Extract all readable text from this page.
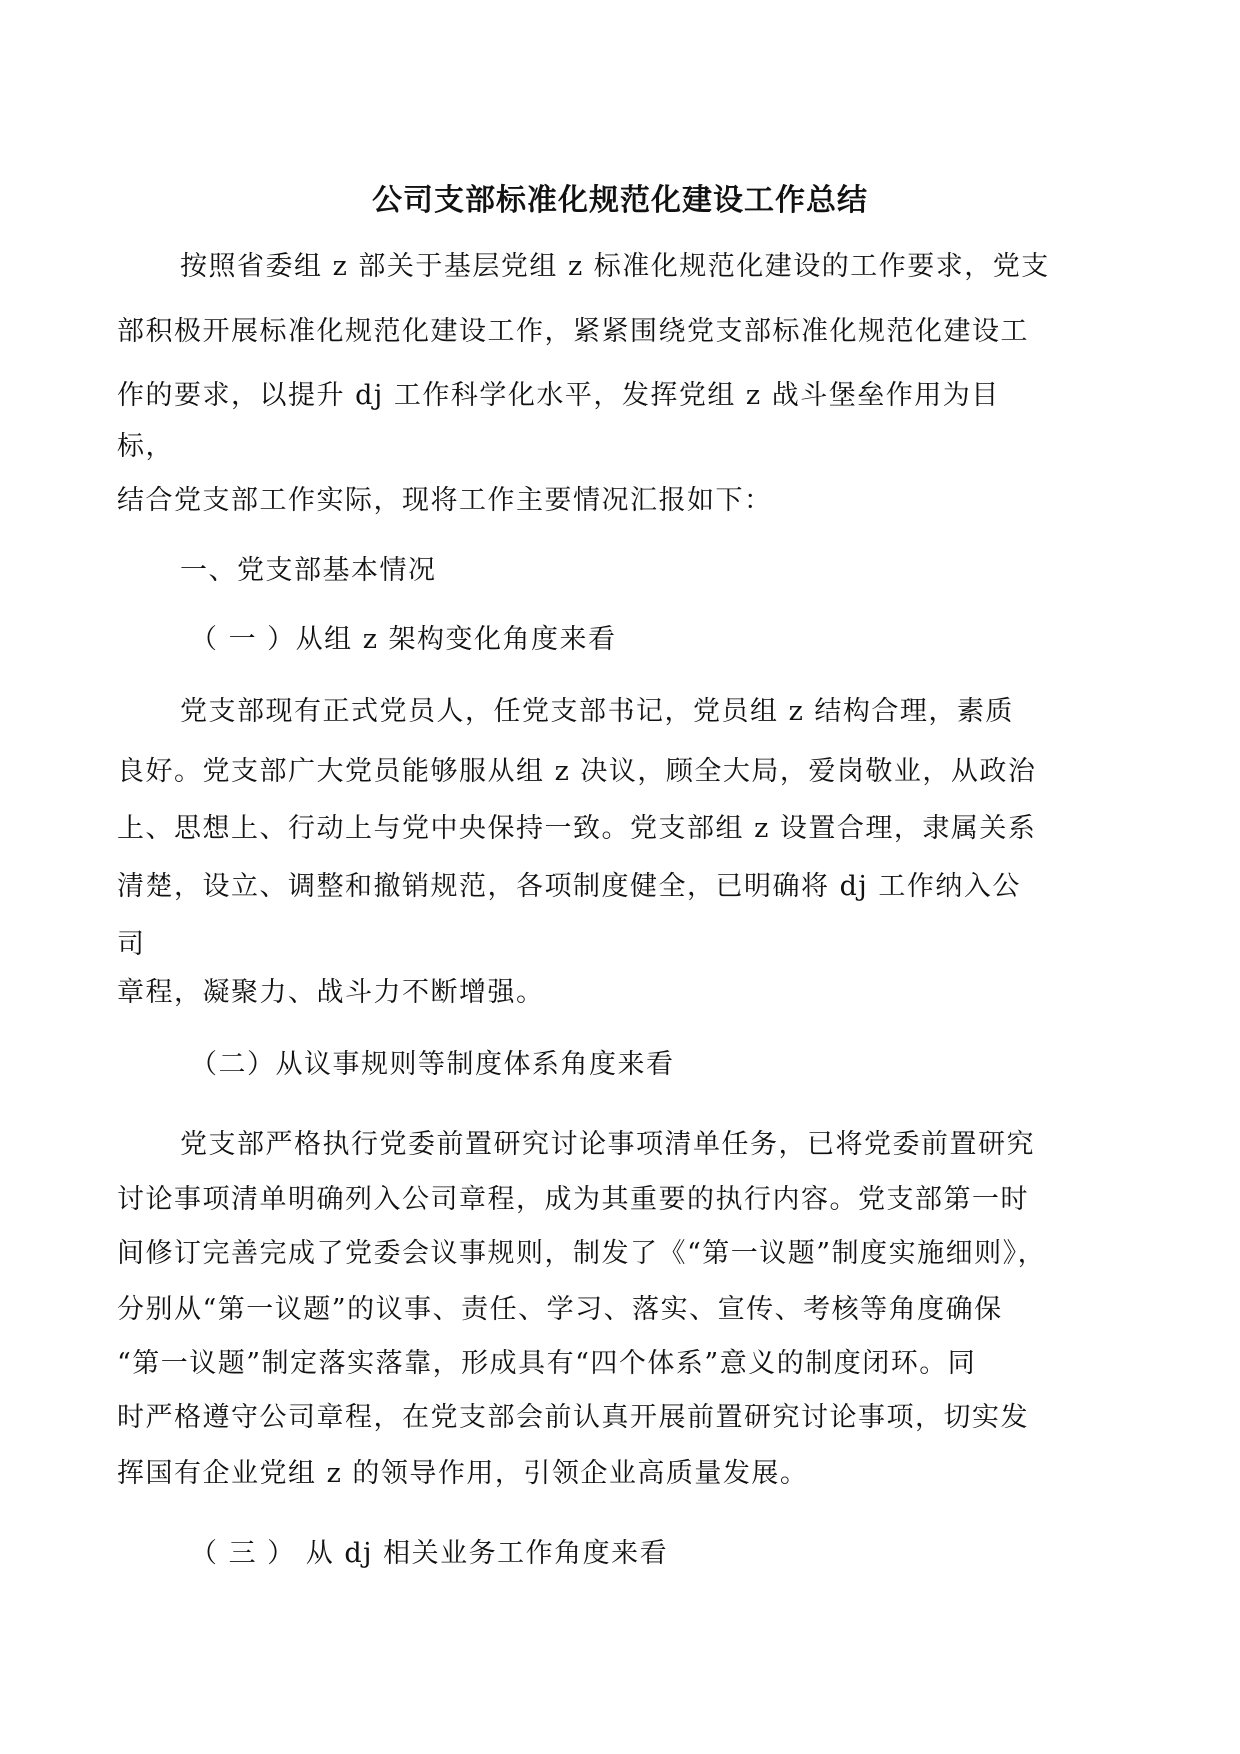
公司支部标准化规范化建设工作总结
按照省委组 z 部关于基层党组 z 标准化规范化建设的工作要求，党支
部积极开展标准化规范化建设工作，紧紧围绕党支部标准化规范化建设工
作的要求，以提升 dj 工作科学化水平，发挥党组 z 战斗堡垒作用为目
标，
结合党支部工作实际，现将工作主要情况汇报如下：
一、党支部基本情况
（ 一 ）从组 z 架构变化角度来看
党支部现有正式党员人，任党支部书记，党员组 z 结构合理，素质
良好。党支部广大党员能够服从组 z 决议，顾全大局，爱岗敬业，从政治
上、思想上、行动上与党中央保持一致。党支部组 z 设置合理，隶属关系
清楚，设立、调整和撤销规范，各项制度健全，已明确将 dj 工作纳入公
司
章程，凝聚力、战斗力不断增强。
（二）从议事规则等制度体系角度来看
党支部严格执行党委前置研究讨论事项清单任务，已将党委前置研究
讨论事项清单明确列入公司章程，成为其重要的执行内容。党支部第一时
间修订完善完成了党委会议事规则，制发了《“第一议题”制度实施细则》，
分别从“第一议题”的议事、责任、学习、落实、宣传、考核等角度确保
“第一议题”制定落实落靠，形成具有“四个体系”意义的制度闭环。同
时严格遵守公司章程，在党支部会前认真开展前置研究讨论事项，切实发
挥国有企业党组 z 的领导作用，引领企业高质量发展。
（ 三 ） 从 dj 相关业务工作角度来看
